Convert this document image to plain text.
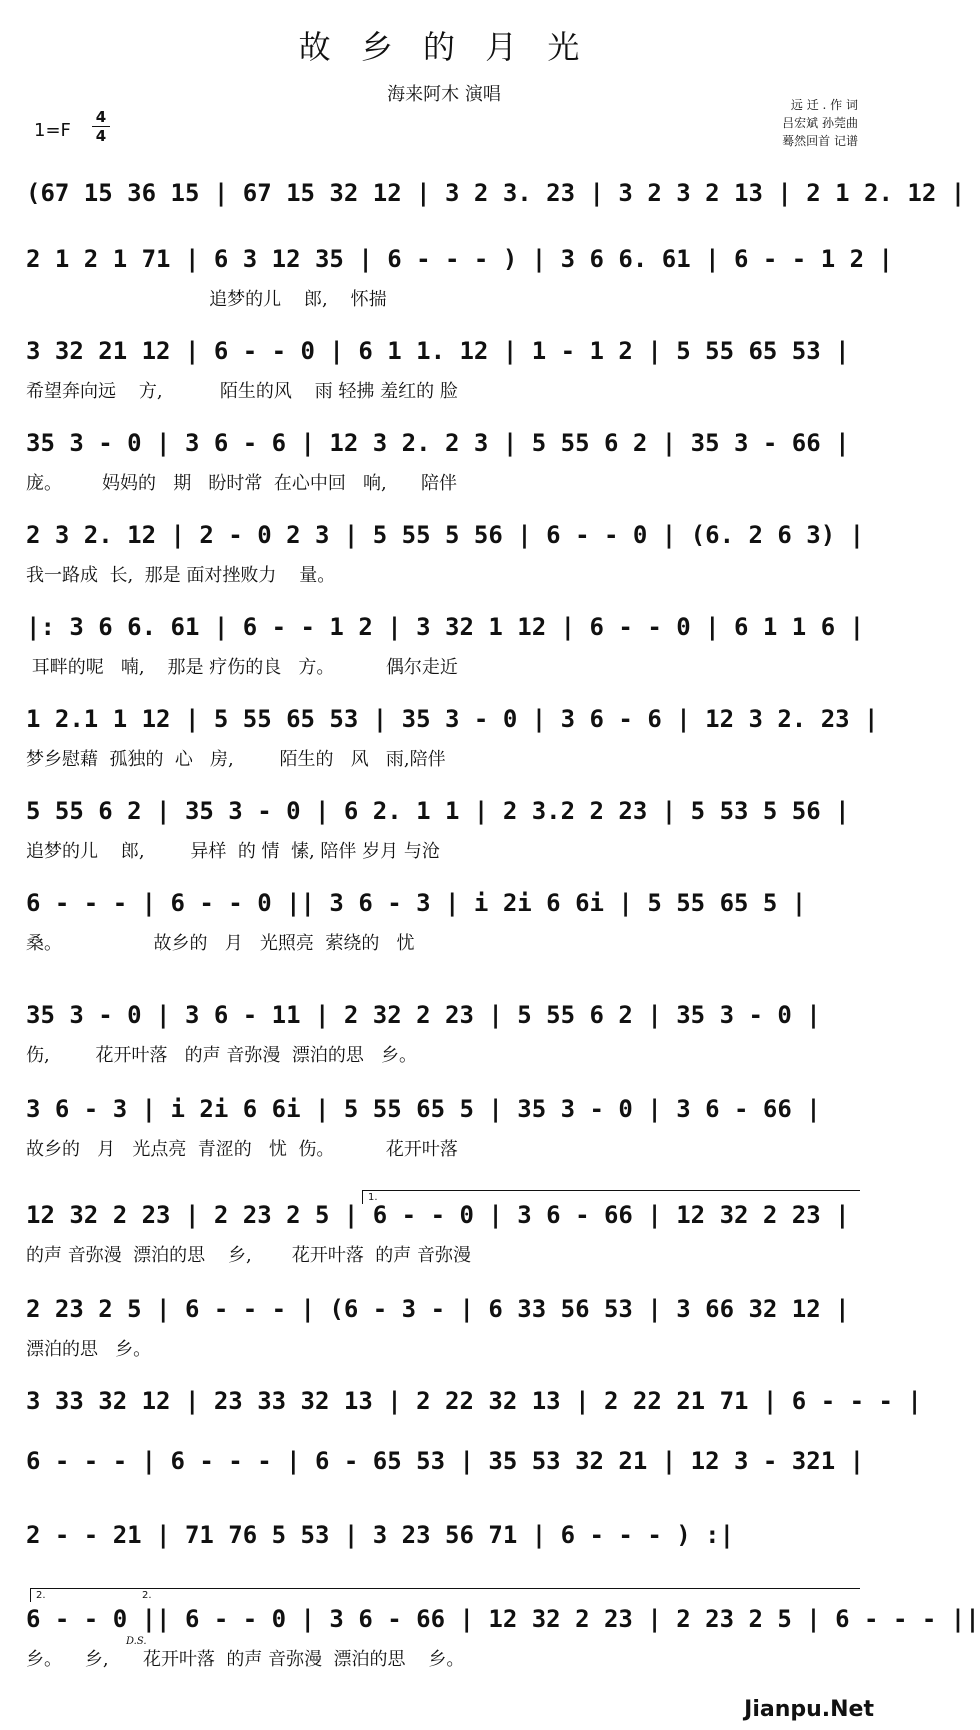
故 乡 的 月 光
海来阿木 演唱
$1=F \frac{4}{4}$
远 迁 . 作 词
吕宏斌 孙莞曲
蓦然回首 记谱
(67 15 36 15 | 67 15 32 12 | 3 2 3. 23 | 3 2 3 2 13 | 2 1 2. 12 |
2 1 2 1 71 | 6 3 12 35 | 6 - - - ) | 3 6 6. 61 | 6 - - 1 2 |
追梦的儿    郎,    怀揣
3 32 21 12 | 6 - - 0 | 6 1 1. 12 | 1 - 1 2 | 5 55 65 53 |
希望奔向远    方,          陌生的风    雨 轻拂 羞红的 脸
35 3 - 0 | 3 6 - 6 | 12 3 2. 2 3 | 5 55 6 2 | 35 3 - 66 |
庞。       妈妈的   期   盼时常  在心中回   响,      陪伴
2 3 2. 12 | 2 - 0 2 3 | 5 55 5 56 | 6 - - 0 | (6. 2 6 3) |
我一路成  长,  那是 面对挫败力    量。
|: 3 6 6. 61 | 6 - - 1 2 | 3 32 1 12 | 6 - - 0 | 6 1 1 6 |
耳畔的呢   喃,    那是 疗伤的良   方。         偶尔走近
1 2.1 1 12 | 5 55 65 53 | 35 3 - 0 | 3 6 - 6 | 12 3 2. 23 |
梦乡慰藉  孤独的  心   房,        陌生的   风   雨,陪伴
5 55 6 2 | 35 3 - 0 | 6 2. 1 1 | 2 3.2 2 23 | 5 53 5 56 |
追梦的儿    郎,        异样  的 情  愫, 陪伴 岁月 与沧
6 - - - | 6 - - 0 || 3 6 - 3 | i 2i 6 6i | 5 55 65 5 |
桑。                故乡的   月   光照亮  萦绕的   忧
35 3 - 0 | 3 6 - 11 | 2 32 2 23 | 5 55 6 2 | 35 3 - 0 |
伤,        花开叶落   的声 音弥漫  漂泊的思   乡。
3 6 - 3 | i 2i 6 6i | 5 55 65 5 | 35 3 - 0 | 3 6 - 66 |
故乡的   月   光点亮  青涩的   忧  伤。         花开叶落
12 32 2 23 | 2 23 2 5 | 6 - - 0 | 3 6 - 66 | 12 32 2 23 |
的声 音弥漫  漂泊的思    乡,       花开叶落  的声 音弥漫
2 23 2 5 | 6 - - - | (6 - 3 - | 6 33 56 53 | 3 66 32 12 |
漂泊的思   乡。
3 33 32 12 | 23 33 32 13 | 2 22 32 13 | 2 22 21 71 | 6 - - - |
6 - - - | 6 - - - | 6 - 65 53 | 35 53 32 21 | 12 3 - 321 |
2 - - 21 | 71 76 5 53 | 3 23 56 71 | 6 - - - ) :|
6 - - 0 || 6 - - 0 | 3 6 - 66 | 12 32 2 23 | 2 23 2 5 | 6 - - - ||
乡。    乡,      花开叶落  的声 音弥漫  漂泊的思    乡。
1.
2.	2.
D.S.
Jianpu.Net
